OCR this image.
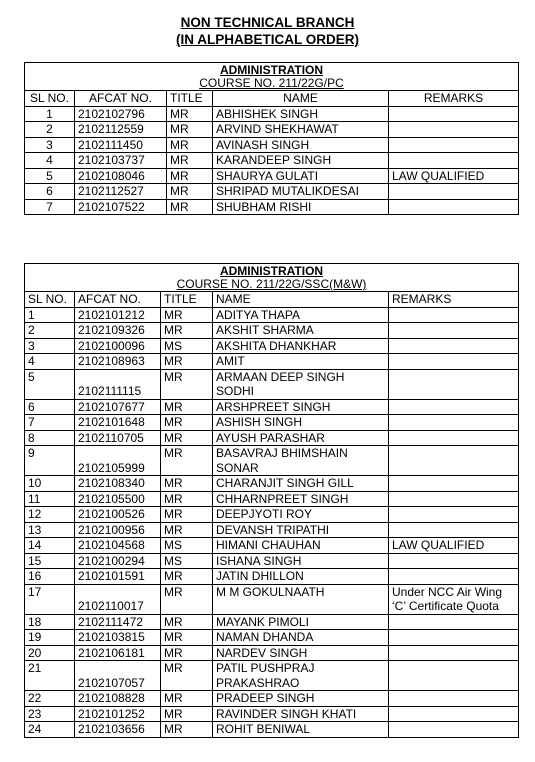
NON TECHNICAL BRANCH
(IN ALPHABETICAL ORDER)
ADMINISTRATION
COURSE NO. 211/22G/PC				

SL NO.	AFCAT NO.	TITLE	NAME	REMARKS
1	2102102796	MR	ABHISHEK SINGH	
2	2102112559	MR	ARVIND SHEKHAWAT	
3	2102111450	MR	AVINASH SINGH	
4	2102103737	MR	KARANDEEP SINGH	
5	2102108046	MR	SHAURYA GULATI	LAW QUALIFIED
6	2102112527	MR	SHRIPAD MUTALIKDESAI	
7	2102107522	MR	SHUBHAM RISHI	
ADMINISTRATION
COURSE NO. 211/22G/SSC(M&W)				

SL NO.	AFCAT NO.	TITLE	NAME	REMARKS
1	2102101212	MR	ADITYA THAPA	
2	2102109326	MR	AKSHIT SHARMA	
3	2102100096	MS	AKSHITA DHANKHAR	
4	2102108963	MR	AMIT	
5	2102111115	MR	ARMAAN DEEP SINGH SODHI	
6	2102107677	MR	ARSHPREET SINGH	
7	2102101648	MR	ASHISH SINGH	
8	2102110705	MR	AYUSH PARASHAR	
9	2102105999	MR	BASAVRAJ BHIMSHAIN SONAR	
10	2102108340	MR	CHARANJIT SINGH GILL	
11	2102105500	MR	CHHARNPREET SINGH	
12	2102100526	MR	DEEPJYOTI ROY	
13	2102100956	MR	DEVANSH TRIPATHI	
14	2102104568	MS	HIMANI CHAUHAN	LAW QUALIFIED
15	2102100294	MS	ISHANA SINGH	
16	2102101591	MR	JATIN DHILLON	
17	2102110017	MR	M M GOKULNAATH	Under NCC Air Wing ‘C’ Certificate Quota
18	2102111472	MR	MAYANK PIMOLI	
19	2102103815	MR	NAMAN DHANDA	
20	2102106181	MR	NARDEV SINGH	
21	2102107057	MR	PATIL PUSHPRAJ PRAKASHRAO	
22	2102108828	MR	PRADEEP SINGH	
23	2102101252	MR	RAVINDER SINGH KHATI	
24	2102103656	MR	ROHIT BENIWAL	
